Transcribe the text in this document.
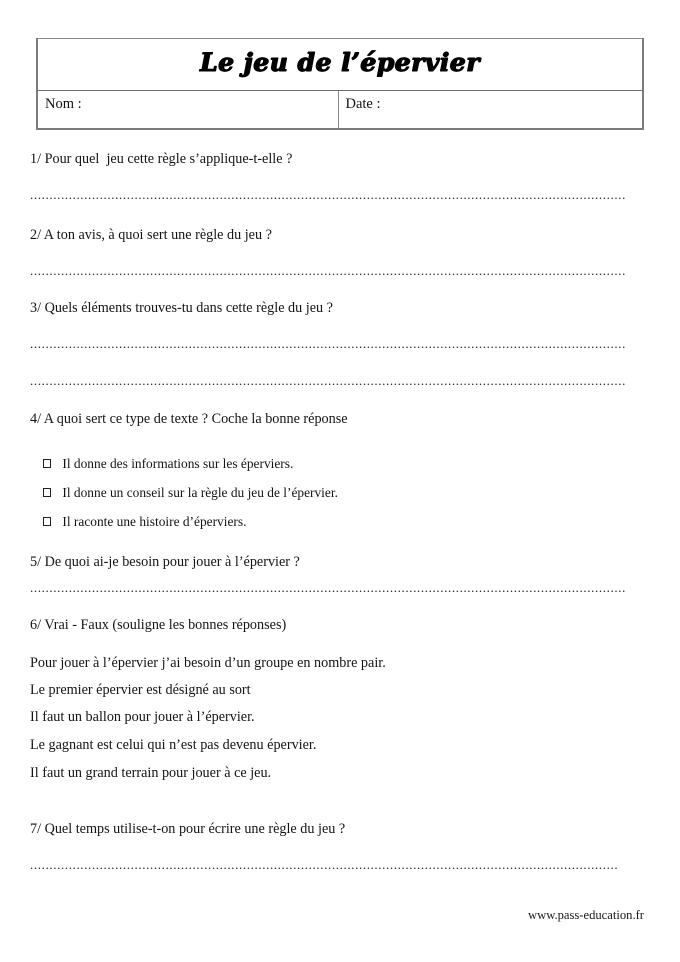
Le jeu de l’épervier
Nom :	Date :
1/ Pour quel  jeu cette règle s’applique-t-elle ?
..........................................................................................................................................................
2/ A ton avis, à quoi sert une règle du jeu ?
..........................................................................................................................................................
3/ Quels éléments trouves-tu dans cette règle du jeu ?
..........................................................................................................................................................
..........................................................................................................................................................
4/ A quoi sert ce type de texte ? Coche la bonne réponse

Il donne des informations sur les éperviers.

Il donne un conseil sur la règle du jeu de l’épervier.

Il raconte une histoire d’éperviers.

5/ De quoi ai-je besoin pour jouer à l’épervier ?
..........................................................................................................................................................
6/ Vrai - Faux (souligne les bonnes réponses)
Pour jouer à l’épervier j’ai besoin d’un groupe en nombre pair.
Le premier épervier est désigné au sort
Il faut un ballon pour jouer à l’épervier.
Le gagnant est celui qui n’est pas devenu épervier.
Il faut un grand terrain pour jouer à ce jeu.
7/ Quel temps utilise-t-on pour écrire une règle du jeu ?
........................................................................................................................................................
www.pass-education.fr
